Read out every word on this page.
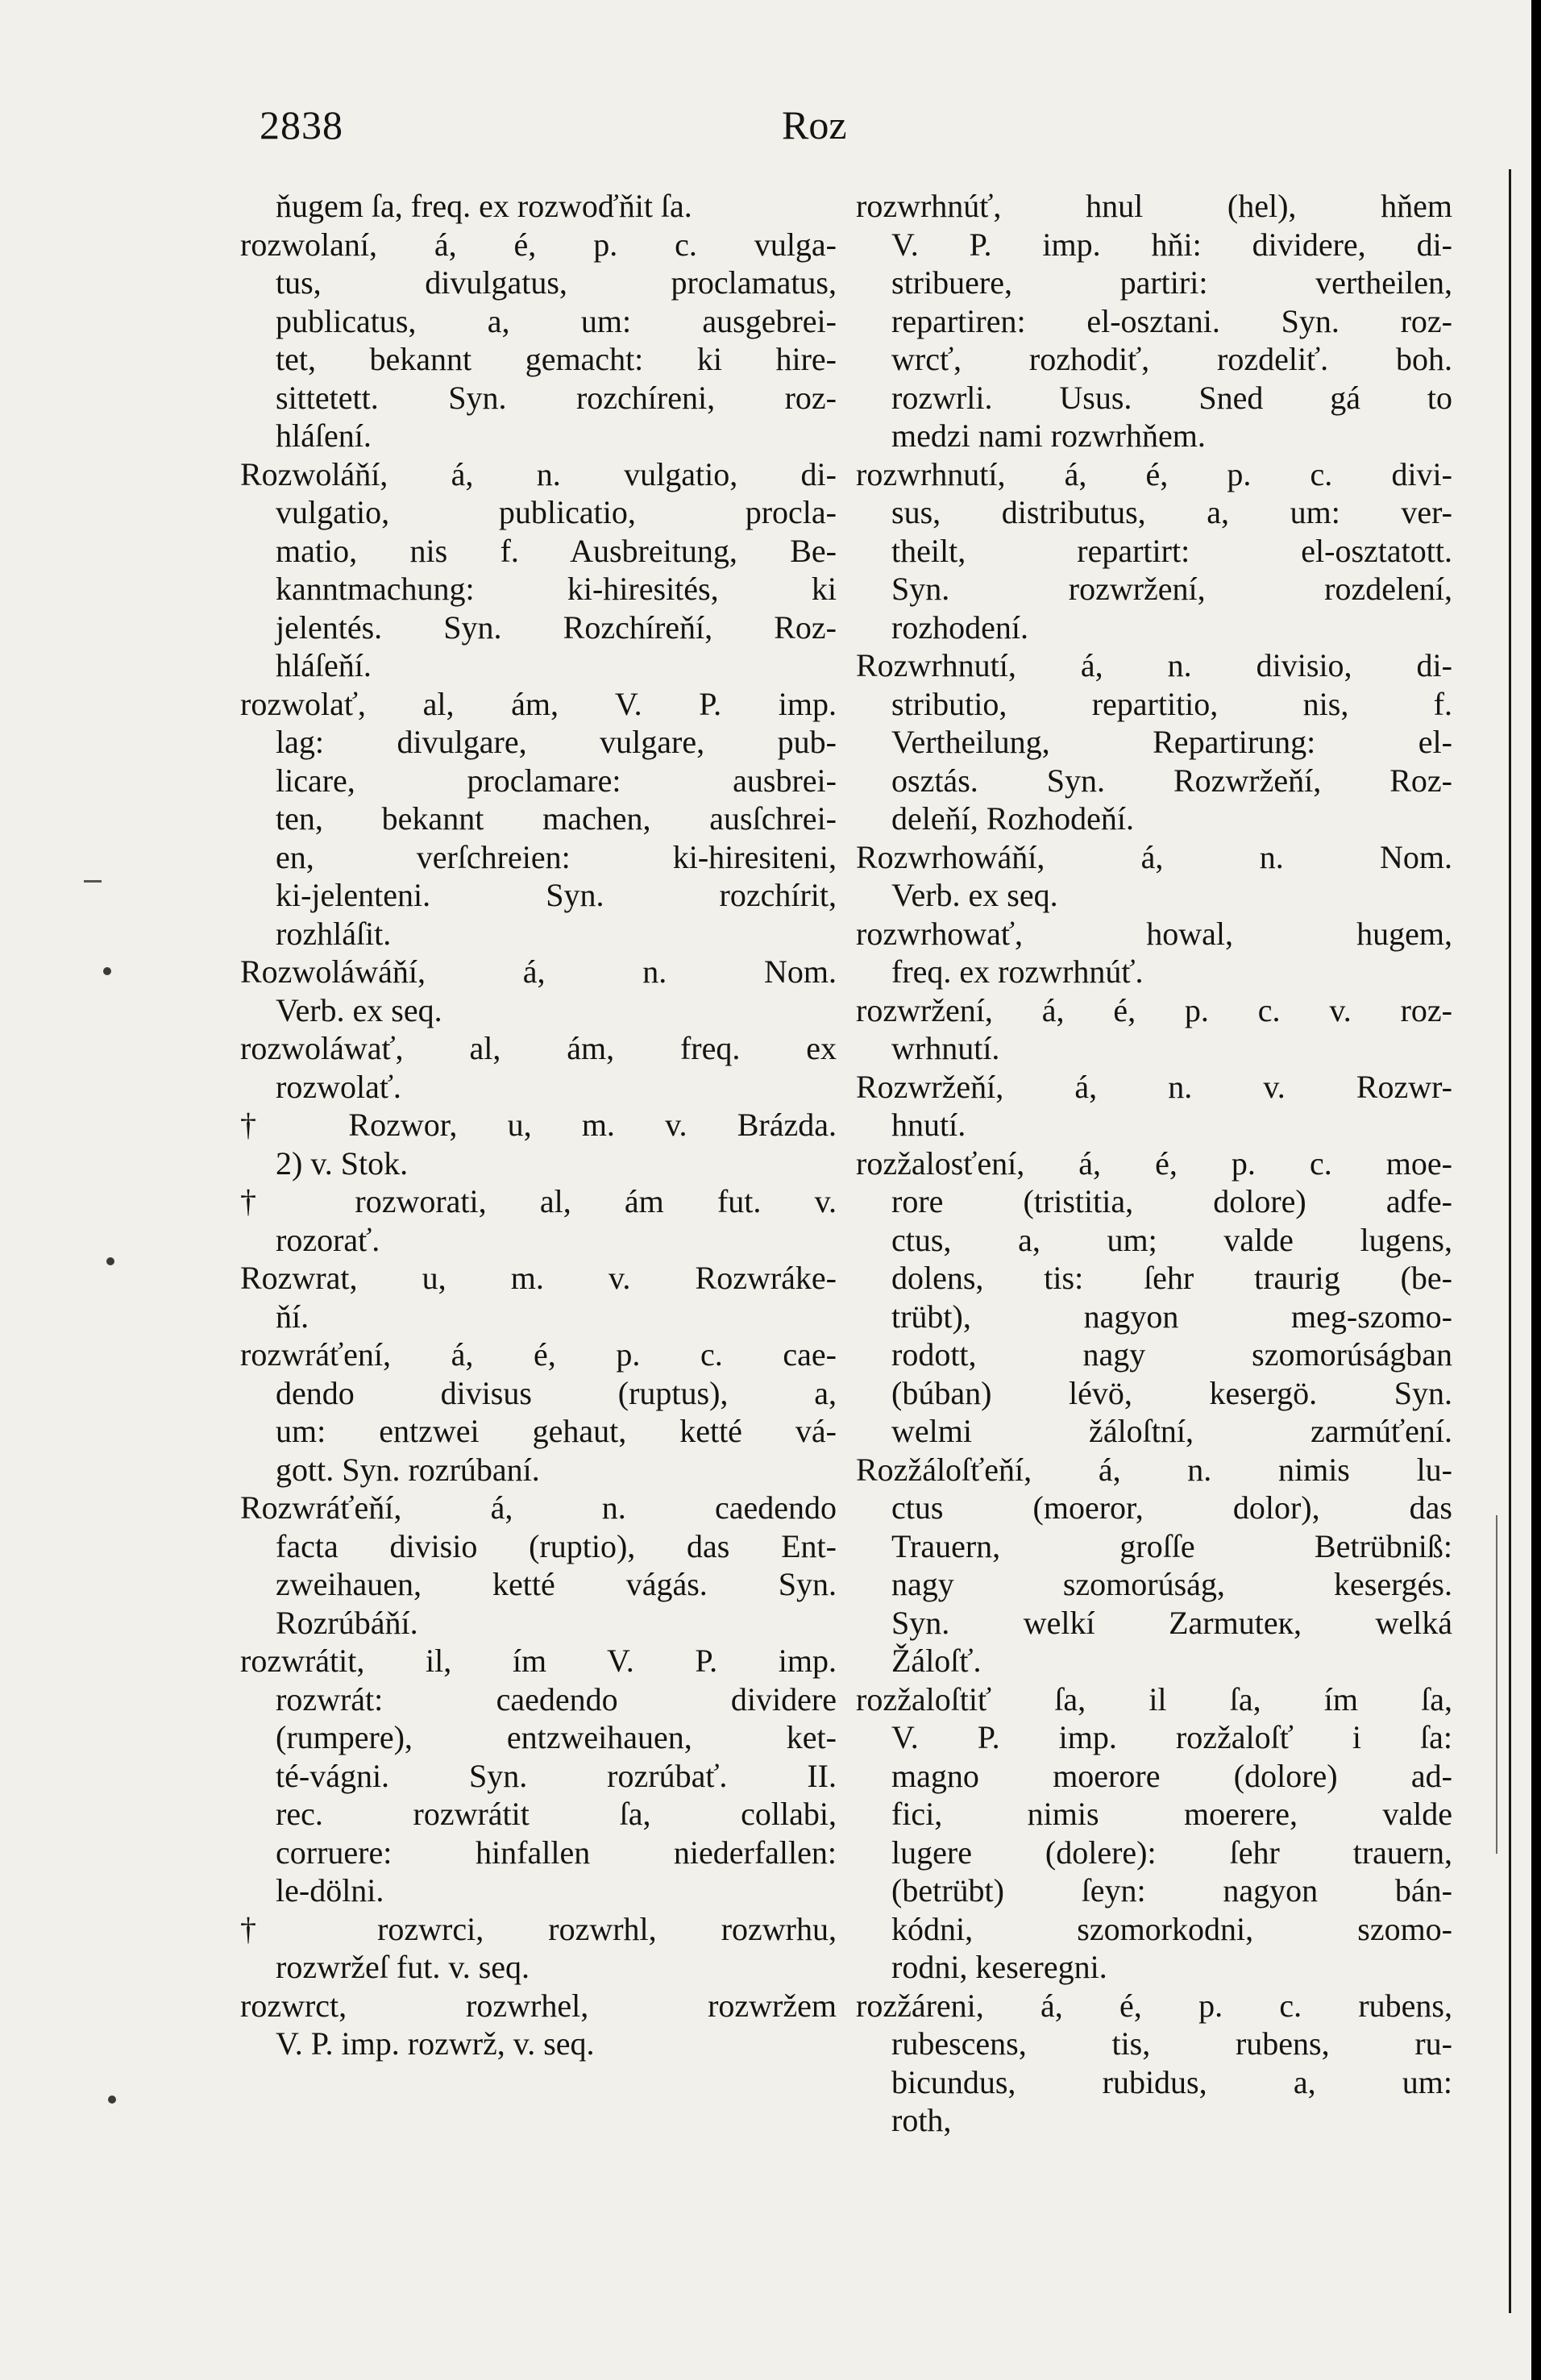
2838	Roz
ňugem ſa, freq. ex rozwoďňit ſa.
rozwolaní, á, é, p. c. vulga-
tus, divulgatus, proclamatus,
publicatus, a, um: ausgebrei-
tet, bekannt gemacht: ki hire-
sittetett. Syn. rozchíreni, roz-
hláſení.
Rozwoláňí, á, n. vulgatio, di-
vulgatio, publicatio, procla-
matio, nis f. Ausbreitung, Be-
kanntmachung: ki-hiresités, ki
jelentés. Syn. Rozchíreňí, Roz-
hláſeňí.
rozwolať, al, ám, V. P. imp.
lag: divulgare, vulgare, pub-
licare, proclamare: ausbrei-
ten, bekannt machen, ausſchrei-
en, verſchreien: ki-hiresiteni,
ki-jelenteni. Syn. rozchírit,
rozhláſit.
Rozwoláwáňí, á, n. Nom.
Verb. ex seq.
rozwoláwať, al, ám, freq. ex
rozwolať.
† Rozwor, u, m. v. Brázda.
2) v. Stok.
† rozworati, al, ám fut. v.
rozorať.
Rozwrat, u, m. v. Rozwráke-
ňí.
rozwráťení, á, é, p. c. cae-
dendo divisus (ruptus), a,
um: entzwei gehaut, ketté vá-
gott. Syn. rozrúbaní.
Rozwráťeňí, á, n. caedendo
facta divisio (ruptio), das Ent-
zweihauen, ketté vágás. Syn.
Rozrúbáňí.
rozwrátit, il, ím V. P. imp.
rozwrát: caedendo dividere
(rumpere), entzweihauen, ket-
té-vágni. Syn. rozrúbať. II.
rec. rozwrátit ſa, collabi,
corruere: hinfallen niederfallen:
le-dölni.
† rozwrci, rozwrhl, rozwrhu,
rozwržeſ fut. v. seq.
rozwrct, rozwrhel, rozwržem
V. P. imp. rozwrž, v. seq.
rozwrhnúť, hnul (hel), hňem
V. P. imp. hňi: dividere, di-
stribuere, partiri: vertheilen,
repartiren: el-osztani. Syn. roz-
wrcť, rozhodiť, rozdeliť. boh.
rozwrli. Usus. Sned gá to
medzi nami rozwrhňem.
rozwrhnutí, á, é, p. c. divi-
sus, distributus, a, um: ver-
theilt, repartirt: el-osztatott.
Syn. rozwržení, rozdelení,
rozhodení.
Rozwrhnutí, á, n. divisio, di-
stributio, repartitio, nis, f.
Vertheilung, Repartirung: el-
osztás. Syn. Rozwržeňí, Roz-
deleňí, Rozhodeňí.
Rozwrhowáňí, á, n. Nom.
Verb. ex seq.
rozwrhowať, howal, hugem,
freq. ex rozwrhnúť.
rozwržení, á, é, p. c. v. roz-
wrhnutí.
Rozwržeňí, á, n. v. Rozwr-
hnutí.
rozžalosťení, á, é, p. c. moe-
rore (tristitia, dolore) adfe-
ctus, a, um; valde lugens,
dolens, tis: ſehr traurig (be-
trübt), nagyon meg-szomo-
rodott, nagy szomorúságban
(búban) lévö, kesergö. Syn.
welmi žáloſtní, zarmúťení.
Rozžáloſťeňí, á, n. nimis lu-
ctus (moeror, dolor), das
Trauern, groſſe Betrübniß:
nagy szomorúság, kesergés.
Syn. welkí Zarmuteк, welká
Žáloſť.
rozžaloſtiť ſa, il ſa, ím ſa,
V. P. imp. rozžaloſť i ſa:
magno moerore (dolore) ad-
fici, nimis moerere, valde
lugere (dolere): ſehr trauern,
(betrübt) ſeyn: nagyon bán-
kódni, szomorkodni, szomo-
rodni, keseregni.
rozžáreni, á, é, p. c. rubens,
rubescens, tis, rubens, ru-
bicundus, rubidus, a, um:
roth,
